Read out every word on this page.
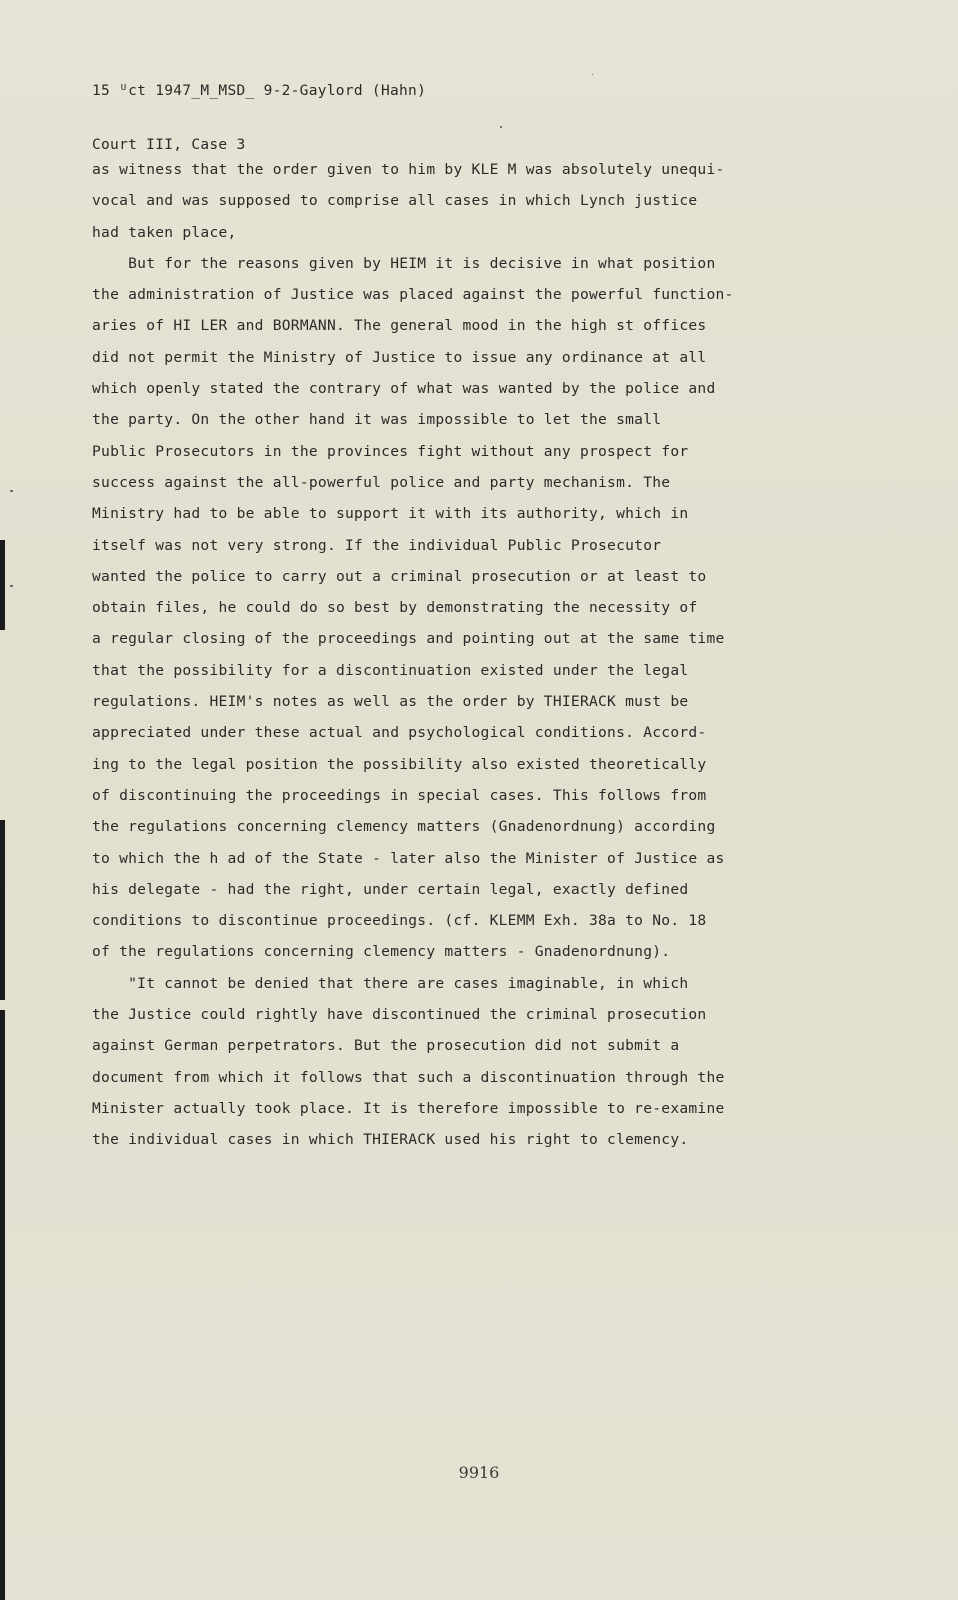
15 ᵁct 1947_M_MSD_ 9-2-Gaylord (Hahn)

Court III, Case 3

as witness that the order given to him by KLE M was absolutely unequi-
vocal and was supposed to comprise all cases in which Lynch justice
had taken place,
But for the reasons given by HEIM it is decisive in what position
the administration of Justice was placed against the powerful function-
aries of HI LER and BORMANN. The general mood in the high st offices
did not permit the Ministry of Justice to issue any ordinance at all
which openly stated the contrary of what was wanted by the police and
the party. On the other hand it was impossible to let the small
Public Prosecutors in the provinces fight without any prospect for
success against the all-powerful police and party mechanism. The
Ministry had to be able to support it with its authority, which in
itself was not very strong. If the individual Public Prosecutor
wanted the police to carry out a criminal prosecution or at least to
obtain files, he could do so best by demonstrating the necessity of
a regular closing of the proceedings and pointing out at the same time
that the possibility for a discontinuation existed under the legal
regulations. HEIM's notes as well as the order by THIERACK must be
appreciated under these actual and psychological conditions. Accord-
ing to the legal position the possibility also existed theoretically
of discontinuing the proceedings in special cases. This follows from
the regulations concerning clemency matters (Gnadenordnung) according
to which the h ad of the State - later also the Minister of Justice as
his delegate - had the right, under certain legal, exactly defined
conditions to discontinue proceedings. (cf. KLEMM Exh. 38a to No. 18
of the regulations concerning clemency matters - Gnadenordnung).
"It cannot be denied that there are cases imaginable, in which
the Justice could rightly have discontinued the criminal prosecution
against German perpetrators. But the prosecution did not submit a
document from which it follows that such a discontinuation through the
Minister actually took place. It is therefore impossible to re-examine
the individual cases in which THIERACK used his right to clemency.
9916
